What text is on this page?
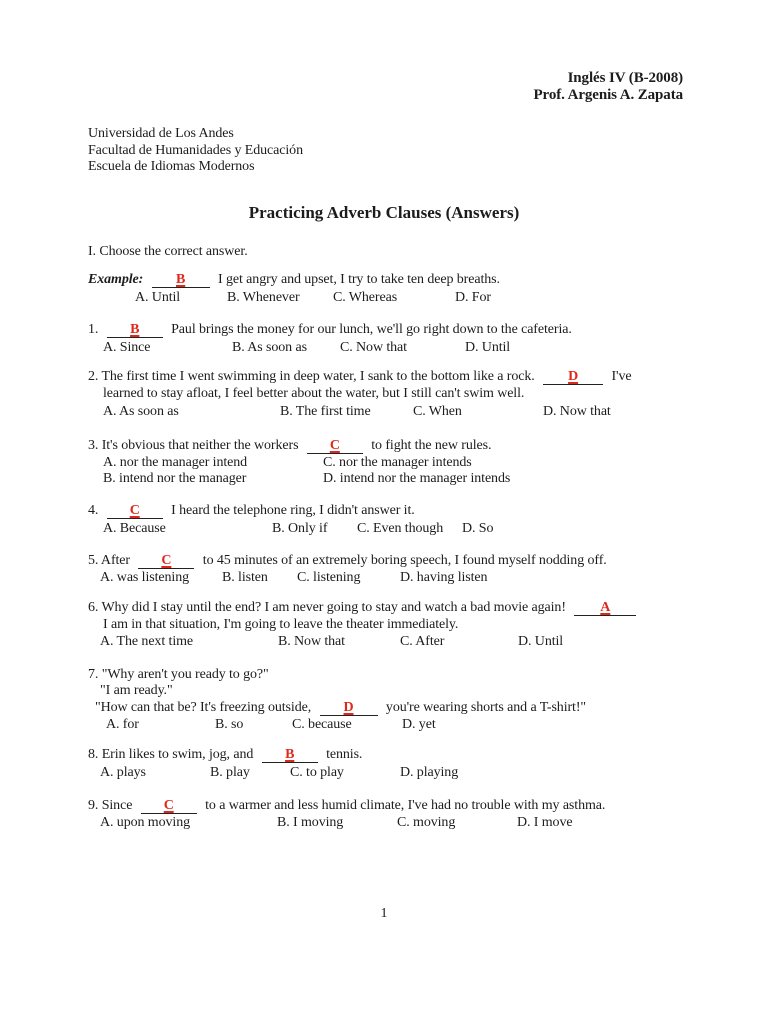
Inglés IV (B-2008)
Prof. Argenis A. Zapata
Universidad de Los Andes
Facultad de Humanidades y Educación
Escuela de Idiomas Modernos
Practicing Adverb Clauses (Answers)
I. Choose the correct answer.
Example: B I get angry and upset, I try to take ten deep breaths.
A. Until	B. Whenever C. Whereas	D. For
1. B Paul brings the money for our lunch, we'll go right down to the cafeteria.
A. Since	B. As soon as C. Now that	D. Until
2. The first time I went swimming in deep water, I sank to the bottom like a rock. D I've
learned to stay afloat, I feel better about the water, but I still can't swim well.
A. As soon as	B. The first time	C. When	D. Now that
3. It's obvious that neither the workers C to fight the new rules.
A. nor the manager intend	C. nor the manager intends
B. intend nor the manager	D. intend nor the manager intends
4. C I heard the telephone ring, I didn't answer it.
A. Because	B. Only if C. Even though D. So
5. After C to 45 minutes of an extremely boring speech, I found myself nodding off.
A. was listening B. listen C. listening	D. having listen
6. Why did I stay until the end? I am never going to stay and watch a bad movie again! A
I am in that situation, I'm going to leave the theater immediately.
A. The next time	B. Now that	C. After	D. Until
7. "Why aren't you ready to go?"
"I am ready."
"How can that be? It's freezing outside, D you're wearing shorts and a T-shirt!"
A. for	B. so	C. because	D. yet
8. Erin likes to swim, jog, and B tennis.
A. plays	B. play	C. to play	D. playing
9. Since C to a warmer and less humid climate, I've had no trouble with my asthma.
A. upon moving	B. I moving	C. moving	D. I move
1
